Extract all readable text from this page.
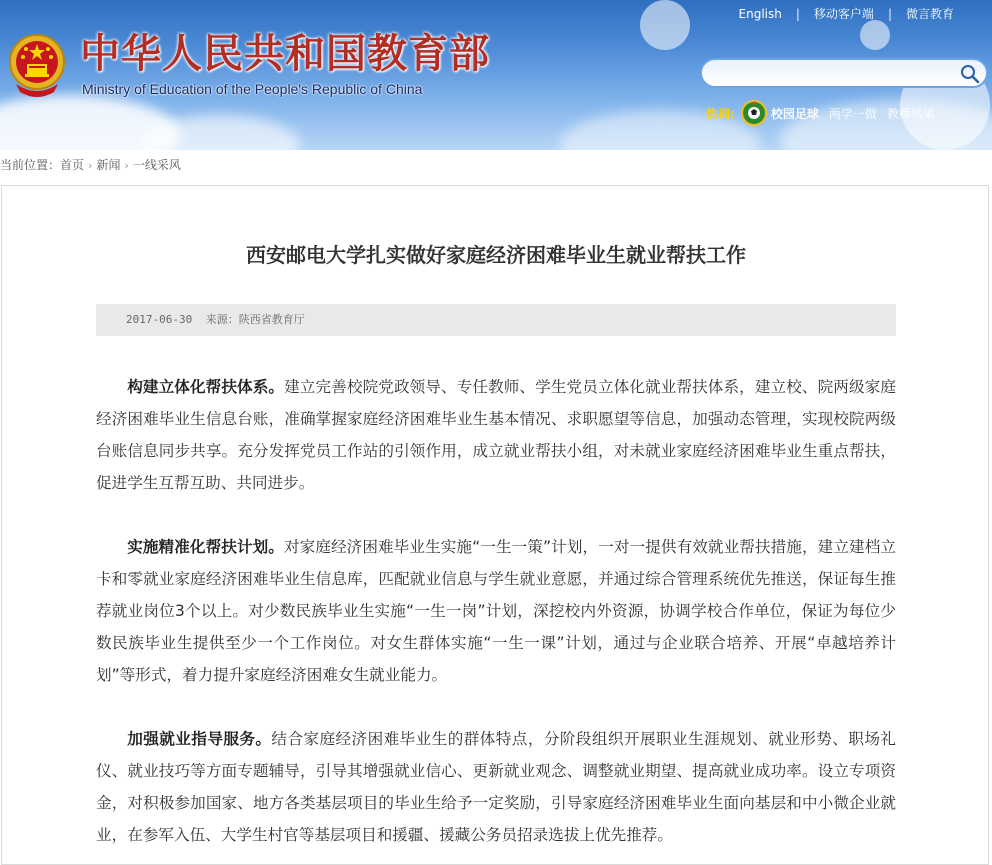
中华人民共和国教育部
Ministry of Education of the People's Republic of China
English	|	移动客户端	|	微言教育
热词:	校园足球 两学一做 教师风采
当前位置：首页 › 新闻 › 一线采风
西安邮电大学扎实做好家庭经济困难毕业生就业帮扶工作
2017-06-30 来源：陕西省教育厅

构建立体化帮扶体系。建立完善校院党政领导、专任教师、学生党员立体化就业帮扶体系，建立校、院两级家庭经济困难毕业生信息台账，准确掌握家庭经济困难毕业生基本情况、求职愿望等信息，加强动态管理，实现校院两级台账信息同步共享。充分发挥党员工作站的引领作用，成立就业帮扶小组，对未就业家庭经济困难毕业生重点帮扶，促进学生互帮互助、共同进步。

实施精准化帮扶计划。对家庭经济困难毕业生实施“一生一策”计划，一对一提供有效就业帮扶措施，建立建档立卡和零就业家庭经济困难毕业生信息库，匹配就业信息与学生就业意愿，并通过综合管理系统优先推送，保证每生推荐就业岗位3个以上。对少数民族毕业生实施“一生一岗”计划，深挖校内外资源，协调学校合作单位，保证为每位少数民族毕业生提供至少一个工作岗位。对女生群体实施“一生一课”计划，通过与企业联合培养、开展“卓越培养计划”等形式，着力提升家庭经济困难女生就业能力。

加强就业指导服务。结合家庭经济困难毕业生的群体特点，分阶段组织开展职业生涯规划、就业形势、职场礼仪、就业技巧等方面专题辅导，引导其增强就业信心、更新就业观念、调整就业期望、提高就业成功率。设立专项资金，对积极参加国家、地方各类基层项目的毕业生给予一定奖励，引导家庭经济困难毕业生面向基层和中小微企业就业，在参军入伍、大学生村官等基层项目和援疆、援藏公务员招录选拔上优先推荐。
